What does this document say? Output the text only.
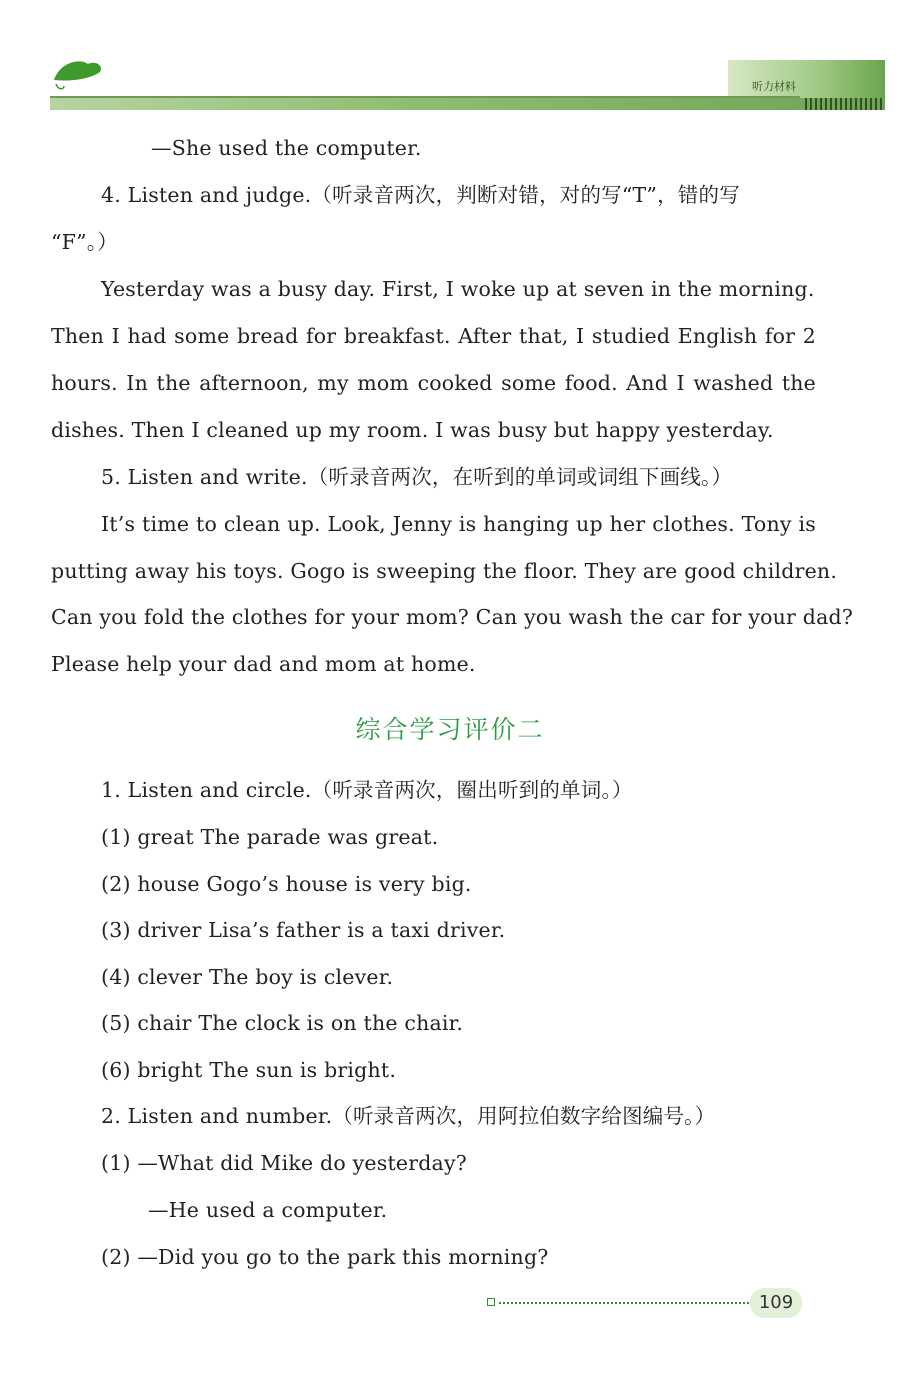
听力材料
—She used the computer.
4. Listen and judge.（听录音两次，判断对错，对的写“T”，错的写
“F”。）
Yesterday was a busy day. First, I woke up at seven in the morning.
Then I had some bread for breakfast. After that, I studied English for 2
hours. In the afternoon, my mom cooked some food. And I washed the
dishes. Then I cleaned up my room. I was busy but happy yesterday.
5. Listen and write.（听录音两次，在听到的单词或词组下画线。）
It’s time to clean up. Look, Jenny is hanging up her clothes. Tony is
putting away his toys. Gogo is sweeping the floor. They are good children.
Can you fold the clothes for your mom? Can you wash the car for your dad?
Please help your dad and mom at home.
综合学习评价二
1. Listen and circle.（听录音两次，圈出听到的单词。）
(1) great The parade was great.
(2) house Gogo’s house is very big.
(3) driver Lisa’s father is a taxi driver.
(4) clever The boy is clever.
(5) chair The clock is on the chair.
(6) bright The sun is bright.
2. Listen and number.（听录音两次，用阿拉伯数字给图编号。）
(1) —What did Mike do yesterday?
—He used a computer.
(2) —Did you go to the park this morning?
109
